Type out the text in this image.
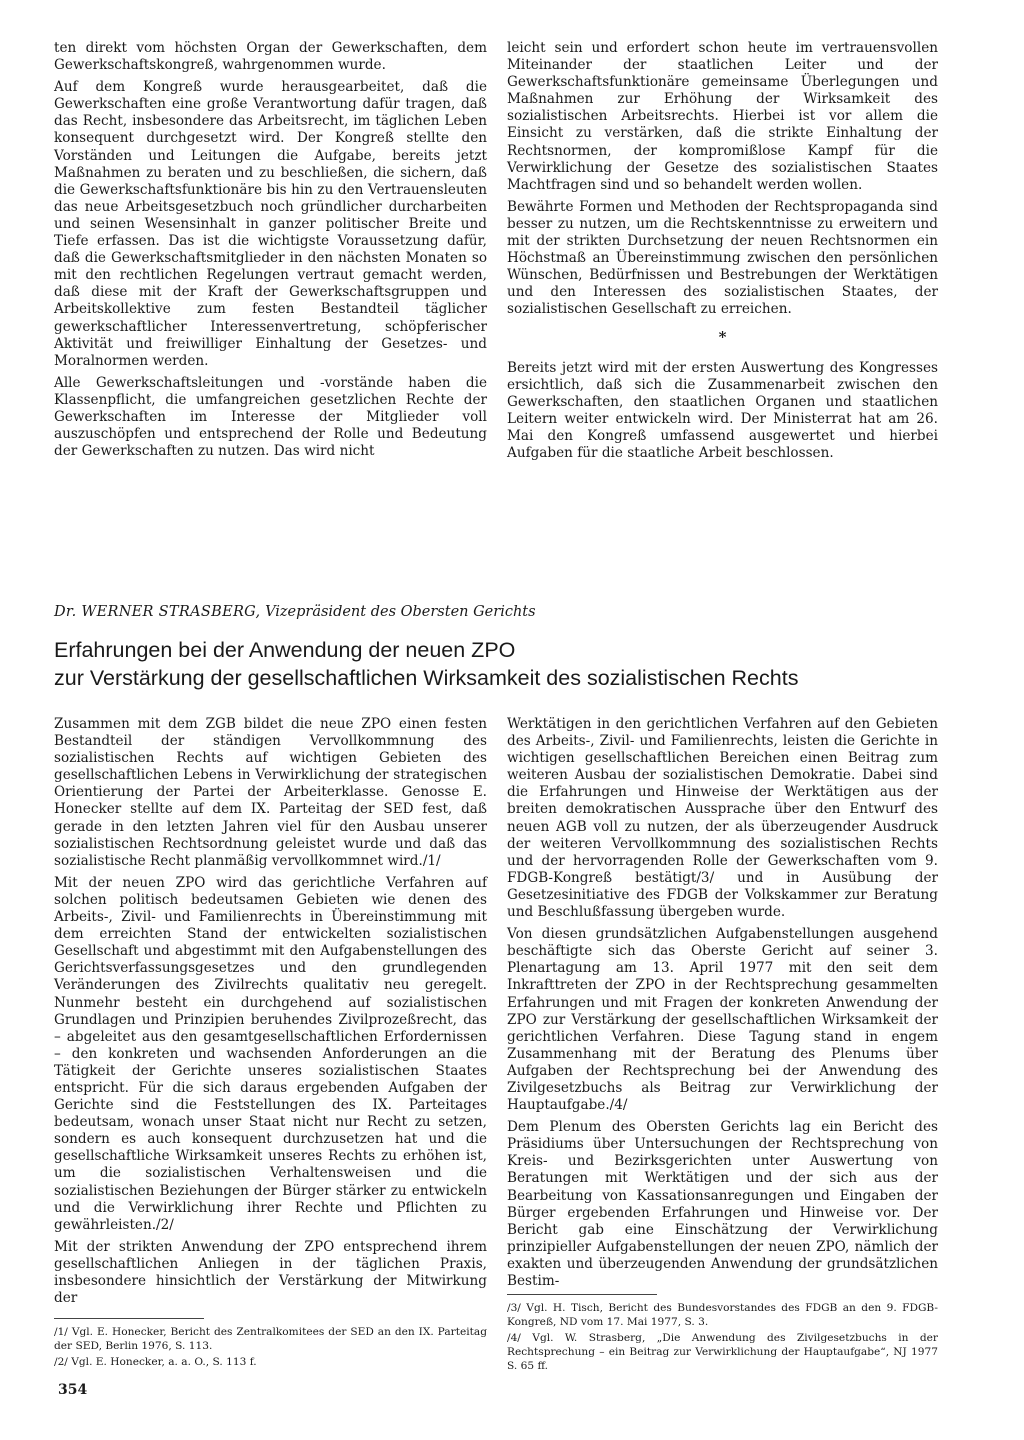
ten direkt vom höchsten Organ der Gewerkschaften, dem Gewerkschaftskongreß, wahrgenommen wurde.

Auf dem Kongreß wurde herausgearbeitet, daß die Gewerkschaften eine große Verantwortung dafür tragen, daß das Recht, insbesondere das Arbeitsrecht, im täglichen Leben konsequent durchgesetzt wird. Der Kongreß stellte den Vorständen und Leitungen die Aufgabe, bereits jetzt Maßnahmen zu beraten und zu beschließen, die sichern, daß die Gewerkschaftsfunktionäre bis hin zu den Vertrauensleuten das neue Arbeitsgesetzbuch noch gründlicher durcharbeiten und seinen Wesensinhalt in ganzer politischer Breite und Tiefe erfassen. Das ist die wichtigste Voraussetzung dafür, daß die Gewerkschaftsmitglieder in den nächsten Monaten so mit den rechtlichen Regelungen vertraut gemacht werden, daß diese mit der Kraft der Gewerkschaftsgruppen und Arbeitskollektive zum festen Bestandteil täglicher gewerkschaftlicher Interessenvertretung, schöpferischer Aktivität und freiwilliger Einhaltung der Gesetzes- und Moralnormen werden.

Alle Gewerkschaftsleitungen und -vorstände haben die Klassenpflicht, die umfangreichen gesetzlichen Rechte der Gewerkschaften im Interesse der Mitglieder voll auszuschöpfen und entsprechend der Rolle und Bedeutung der Gewerkschaften zu nutzen. Das wird nicht

leicht sein und erfordert schon heute im vertrauensvollen Miteinander der staatlichen Leiter und der Gewerkschaftsfunktionäre gemeinsame Überlegungen und Maßnahmen zur Erhöhung der Wirksamkeit des sozialistischen Arbeitsrechts. Hierbei ist vor allem die Einsicht zu verstärken, daß die strikte Einhaltung der Rechtsnormen, der kompromißlose Kampf für die Verwirklichung der Gesetze des sozialistischen Staates Machtfragen sind und so behandelt werden wollen.

Bewährte Formen und Methoden der Rechtspropaganda sind besser zu nutzen, um die Rechtskenntnisse zu erweitern und mit der strikten Durchsetzung der neuen Rechtsnormen ein Höchstmaß an Übereinstimmung zwischen den persönlichen Wünschen, Bedürfnissen und Bestrebungen der Werktätigen und den Interessen des sozialistischen Staates, der sozialistischen Gesellschaft zu erreichen.

*

Bereits jetzt wird mit der ersten Auswertung des Kongresses ersichtlich, daß sich die Zusammenarbeit zwischen den Gewerkschaften, den staatlichen Organen und staatlichen Leitern weiter entwickeln wird. Der Ministerrat hat am 26. Mai den Kongreß umfassend ausgewertet und hierbei Aufgaben für die staatliche Arbeit beschlossen.

Dr. WERNER STRASBERG, Vizepräsident des Obersten Gerichts
Erfahrungen bei der Anwendung der neuen ZPO
zur Verstärkung der gesellschaftlichen Wirksamkeit des sozialistischen Rechts

Zusammen mit dem ZGB bildet die neue ZPO einen festen Bestandteil der ständigen Vervollkommnung des sozialistischen Rechts auf wichtigen Gebieten des gesellschaftlichen Lebens in Verwirklichung der strategischen Orientierung der Partei der Arbeiterklasse. Genosse E. Honecker stellte auf dem IX. Parteitag der SED fest, daß gerade in den letzten Jahren viel für den Ausbau unserer sozialistischen Rechtsordnung geleistet wurde und daß das sozialistische Recht planmäßig vervollkommnet wird./1/

Mit der neuen ZPO wird das gerichtliche Verfahren auf solchen politisch bedeutsamen Gebieten wie denen des Arbeits-, Zivil- und Familienrechts in Übereinstimmung mit dem erreichten Stand der entwickelten sozialistischen Gesellschaft und abgestimmt mit den Aufgabenstellungen des Gerichtsverfassungsgesetzes und den grundlegenden Veränderungen des Zivilrechts qualitativ neu geregelt. Nunmehr besteht ein durchgehend auf sozialistischen Grundlagen und Prinzipien beruhendes Zivilprozeßrecht, das – abgeleitet aus den gesamtgesellschaftlichen Erfordernissen – den konkreten und wachsenden Anforderungen an die Tätigkeit der Gerichte unseres sozialistischen Staates entspricht. Für die sich daraus ergebenden Aufgaben der Gerichte sind die Feststellungen des IX. Parteitages bedeutsam, wonach unser Staat nicht nur Recht zu setzen, sondern es auch konsequent durchzusetzen hat und die gesellschaftliche Wirksamkeit unseres Rechts zu erhöhen ist, um die sozialistischen Verhaltensweisen und die sozialistischen Beziehungen der Bürger stärker zu entwickeln und die Verwirklichung ihrer Rechte und Pflichten zu gewährleisten./2/

Mit der strikten Anwendung der ZPO entsprechend ihrem gesellschaftlichen Anliegen in der täglichen Praxis, insbesondere hinsichtlich der Verstärkung der Mitwirkung der

Werktätigen in den gerichtlichen Verfahren auf den Gebieten des Arbeits-, Zivil- und Familienrechts, leisten die Gerichte in wichtigen gesellschaftlichen Bereichen einen Beitrag zum weiteren Ausbau der sozialistischen Demokratie. Dabei sind die Erfahrungen und Hinweise der Werktätigen aus der breiten demokratischen Aussprache über den Entwurf des neuen AGB voll zu nutzen, der als überzeugender Ausdruck der weiteren Vervollkommnung des sozialistischen Rechts und der hervorragenden Rolle der Gewerkschaften vom 9. FDGB-Kongreß bestätigt/3/ und in Ausübung der Gesetzesinitiative des FDGB der Volkskammer zur Beratung und Beschlußfassung übergeben wurde.

Von diesen grundsätzlichen Aufgabenstellungen ausgehend beschäftigte sich das Oberste Gericht auf seiner 3. Plenartagung am 13. April 1977 mit den seit dem Inkrafttreten der ZPO in der Rechtsprechung gesammelten Erfahrungen und mit Fragen der konkreten Anwendung der ZPO zur Verstärkung der gesellschaftlichen Wirksamkeit der gerichtlichen Verfahren. Diese Tagung stand in engem Zusammenhang mit der Beratung des Plenums über Aufgaben der Rechtsprechung bei der Anwendung des Zivilgesetzbuchs als Beitrag zur Verwirklichung der Hauptaufgabe./4/

Dem Plenum des Obersten Gerichts lag ein Bericht des Präsidiums über Untersuchungen der Rechtsprechung von Kreis- und Bezirksgerichten unter Auswertung von Beratungen mit Werktätigen und der sich aus der Bearbeitung von Kassationsanregungen und Eingaben der Bürger ergebenden Erfahrungen und Hinweise vor. Der Bericht gab eine Einschätzung der Verwirklichung prinzipieller Aufgabenstellungen der neuen ZPO, nämlich der exakten und überzeugenden Anwendung der grundsätzlichen Bestim-

/1/ Vgl. E. Honecker, Bericht des Zentralkomitees der SED an den IX. Parteitag der SED, Berlin 1976, S. 113.

/2/ Vgl. E. Honecker, a. a. O., S. 113 f.

/3/ Vgl. H. Tisch, Bericht des Bundesvorstandes des FDGB an den 9. FDGB-Kongreß, ND vom 17. Mai 1977, S. 3.

/4/ Vgl. W. Strasberg, „Die Anwendung des Zivilgesetzbuchs in der Rechtsprechung – ein Beitrag zur Verwirklichung der Hauptaufgabe“, NJ 1977 S. 65 ff.

354
